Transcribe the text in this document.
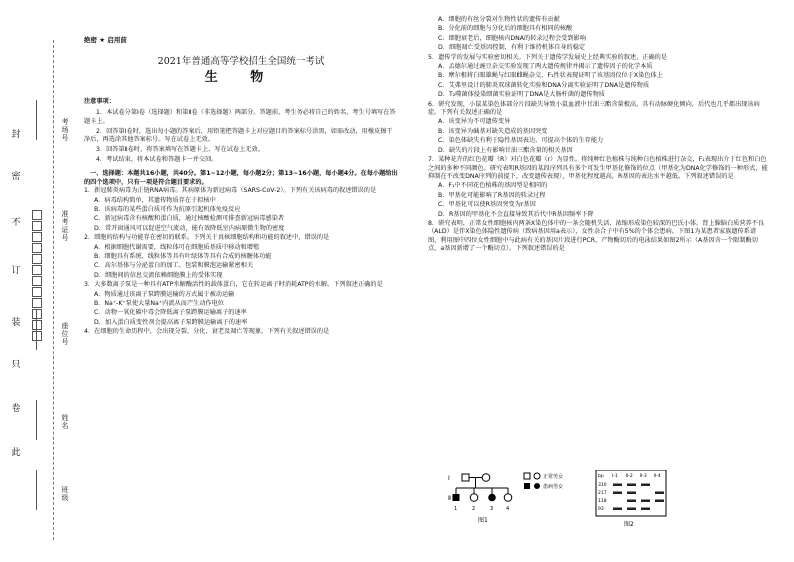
封
密
不
订
装
只
卷
此
考场号
准考证号
座位号
姓名
班级
绝密 ★ 启用前
2021年普通高等学校招生全国统一考试
生 物
注意事项：

1．本试卷分第Ⅰ卷（选择题）和第Ⅱ卷（非选择题）两部分。答题前，考生务必将自己的姓名、考生号填写在答题卡上。

2．回答第Ⅰ卷时，选出每小题的答案后，用铅笔把答题卡上对应题目的答案标号涂黑，如需改动，用橡皮擦干净后，再选涂其他答案标号。写在试卷上无效。

3．回答第Ⅱ卷时，将答案填写在答题卡上，写在试卷上无效。

4．考试结束，将本试卷和答题卡一并交回。

一、选择题：本题共16小题，共40分。第1~12小题，每小题2分；第13~16小题，每小题4分。在每小题给出的四个选项中，只有一项是符合题目要求的。

1．新冠肺炎病毒为正链RNA病毒。其病原体为新冠病毒（SARS-CoV-2）。下列有关该病毒的叙述错误的是

A．病毒结构简单，其遗传物质存在于拟核中

B．该病毒的某些蛋白质可作为抗原引起机体免疫反应

C．新冠病毒含有核酸和蛋白质，通过核酸检测可排查新冠病毒感染者

D．常开窗通风可以促进空气流动，能有效降低室内病原微生物的密度

2．细胞的结构与功能存在密切的联系。下列关于真核细胞结构和功能的叙述中，错误的是

A．根据细胞代谢需要，线粒体可在细胞质基质中移动和增殖

B．细胞具有系统、线粒体等具有叶绿体等具有合成的核糖体功能

C．高尔基体与分泌蛋白的加工、包装和膜泡运输紧密相关

D．细胞间的信息交流依赖细胞膜上的受体实现

3．大多数离子泵是一种具有ATP水解酶活性的载体蛋白，它在转运离子时消耗ATP的水解。下列叙述正确的是

A．物质通过该离子泵跨膜运输的方式属于被动运输

B．Na⁺-K⁺泵使大量Na⁺内流从而产生动作电位

C．动物一氧化碳中毒会降低离子泵跨膜运输离子的速率

D．加入蛋白质变性剂会提高离子泵跨膜运输离子的速率

4．在细胞的生命历程中，会出现分裂、分化、衰老及凋亡等现象。下列有关叙述错误的是

A．细胞的有丝分裂对生物性状的遗传有贡献

B．分化前的细胞与分化后的细胞具有相同的核酸

C．细胞衰老后，细胞核内DNA的转录过程会受到影响

D．细胞凋亡受基因控制，有利于维持机体自身的稳定

5．遗传学的发展与实验密切相关。下列关于遗传学发展史上经典实验的叙述，正确的是

A．孟德尔通过豌豆杂交实验发现了两大遗传规律并揭示了遗传因子的化学本质

B．摩尔根将白眼雄蝇与红眼雌蝇杂交，F₁性状表现证明了该基因仅位于X染色体上

C．艾弗里设计的肺炎双球菌转化实验和DNA分离实验证明了DNA是遗传物质

D．T₂噬菌体侵染细菌实验证明了DNA是大肠杆菌的遗传物质

6．研究发现，小鼠某染色体部分片段缺失导致小鼠血液中甘油三酯含量极高，具有动脉硬化倾向，后代也几乎都出现该病症。下列有关叙述正确的是

A．该变异为不可遗传变异

B．该变异为碱基对缺失造成的基因突变

C．染色体缺失有利于隐性基因表达，可提高个体的生存能力

D．缺失的片段上有影响甘油三酯含量的相关基因

7．某种花卉的红色花瓣（R）对白色花瓣（r）为显性。将纯种红色植株与纯种白色植株进行杂交，F₁表现出介于红色和白色之间的多种不同颜色。研究表明R基因的某段序列具有多个可发生甲基化修饰的位点（甲基化为DNA化学修饰的一种形式，能抑制在不改变DNA序列的前提下，改变遗传表现），甲基化程度越高，R基因的表达水平越低。下列叙述错误的是

A．F₁中不同花色植株的基因型是相同的

B．甲基化可能影响了R基因的转录过程

C．甲基化可以使R基因突变为r基因

D．R基因的甲基化不会直接导致其后代中R基因频率下降

8．研究表明，正常女性细胞核内两条X染色体中的一条会随机失活，浓缩形成染色较深的巴氏小体。肾上腺脑白质营养不良（ALD）是伴X染色体隐性遗传病（致病基因用a表示），女性杂合子中有5%的个体会患病。下图1为某患者家族遗传系谱图，利用图中四位女性细胞中与此病有关的基因片段进行PCR，产物酶切后的电泳结果如图2所示（A基因含一个限制酶切点，a基因新增了一个酶切点）。下列叙述错误的是

Ⅰ
Ⅱ
1	2	3	4
正常男女
患病男女
图1
bp Ⅰ-1 Ⅱ-2 Ⅱ-3 Ⅱ-4
310
217
118
93
图2
